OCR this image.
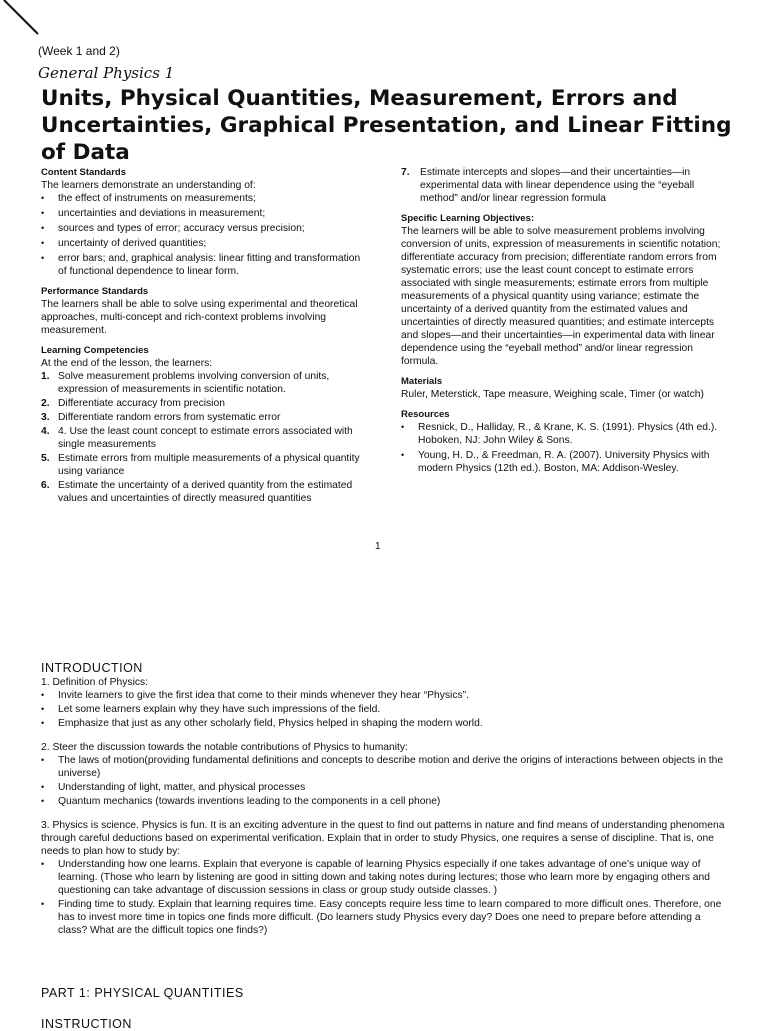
(Week 1 and 2)
General Physics 1
Units, Physical Quantities, Measurement, Errors and Uncertainties, Graphical Presentation, and Linear Fitting of Data
Content Standards

The learners demonstrate an understanding of:

• the effect of instruments on measurements;
• uncertainties and deviations in measurement;
• sources and types of error; accuracy versus precision;
• uncertainty of derived quantities;
• error bars; and, graphical analysis: linear fitting and transformation of functional dependence to linear form.
Performance Standards

The learners shall be able to solve using experimental and theoretical approaches, multi-concept and rich-context problems involving measurement.

Learning Competencies

At the end of the lesson, the learners:

1. Solve measurement problems involving conversion of units, expression of measurements in scientific notation.
2. Differentiate accuracy from precision
3. Differentiate random errors from systematic error
4. 4. Use the least count concept to estimate errors associated with single measurements
5. Estimate errors from multiple measurements of a physical quantity using variance
6. Estimate the uncertainty of a derived quantity from the estimated values and uncertainties of directly measured quantities
7. Estimate intercepts and slopes—and their uncertainties—in experimental data with linear dependence using the “eyeball method” and/or linear regression formula
Specific Learning Objectives:

The learners will be able to solve measurement problems involving conversion of units, expression of measurements in scientific notation; differentiate accuracy from precision; differentiate random errors from systematic errors; use the least count concept to estimate errors associated with single measurements; estimate errors from multiple measurements of a physical quantity using variance; estimate the uncertainty of a derived quantity from the estimated values and uncertainties of directly measured quantities; and estimate intercepts and slopes—and their uncertainties—in experimental data with linear dependence using the “eyeball method” and/or linear regression formula.

Materials

Ruler, Meterstick, Tape measure, Weighing scale, Timer (or watch)

Resources
• Resnick, D., Halliday, R., & Krane, K. S. (1991). Physics (4th ed.). Hoboken, NJ: John Wiley & Sons.
• Young, H. D., & Freedman, R. A. (2007). University Physics with modern Physics (12th ed.). Boston, MA: Addison-Wesley.
1
INTRODUCTION

1. Definition of Physics:

• Invite learners to give the first idea that come to their minds whenever they hear “Physics”.
• Let some learners explain why they have such impressions of the field.
• Emphasize that just as any other scholarly field, Physics helped in shaping the modern world.

2. Steer the discussion towards the notable contributions of Physics to humanity:

• The laws of motion(providing fundamental definitions and concepts to describe motion and derive the origins of interactions between objects in the universe)
• Understanding of light, matter, and physical processes
• Quantum mechanics (towards inventions leading to the components in a cell phone)

3. Physics is science. Physics is fun. It is an exciting adventure in the quest to find out patterns in nature and find means of understanding phenomena through careful deductions based on experimental verification. Explain that in order to study Physics, one requires a sense of discipline. That is, one needs to plan how to study by:

• Understanding how one learns. Explain that everyone is capable of learning Physics especially if one takes advantage of one's unique way of learning. (Those who learn by listening are good in sitting down and taking notes during lectures; those who learn more by engaging others and questioning can take advantage of discussion sessions in class or group study outside classes. )
• Finding time to study. Explain that learning requires time. Easy concepts require less time to learn compared to more difficult ones. Therefore, one has to invest more time in topics one finds more difficult. (Do learners study Physics every day? Does one need to prepare before attending a class? What are the difficult topics one finds?)
PART 1: PHYSICAL QUANTITIES
INSTRUCTION
